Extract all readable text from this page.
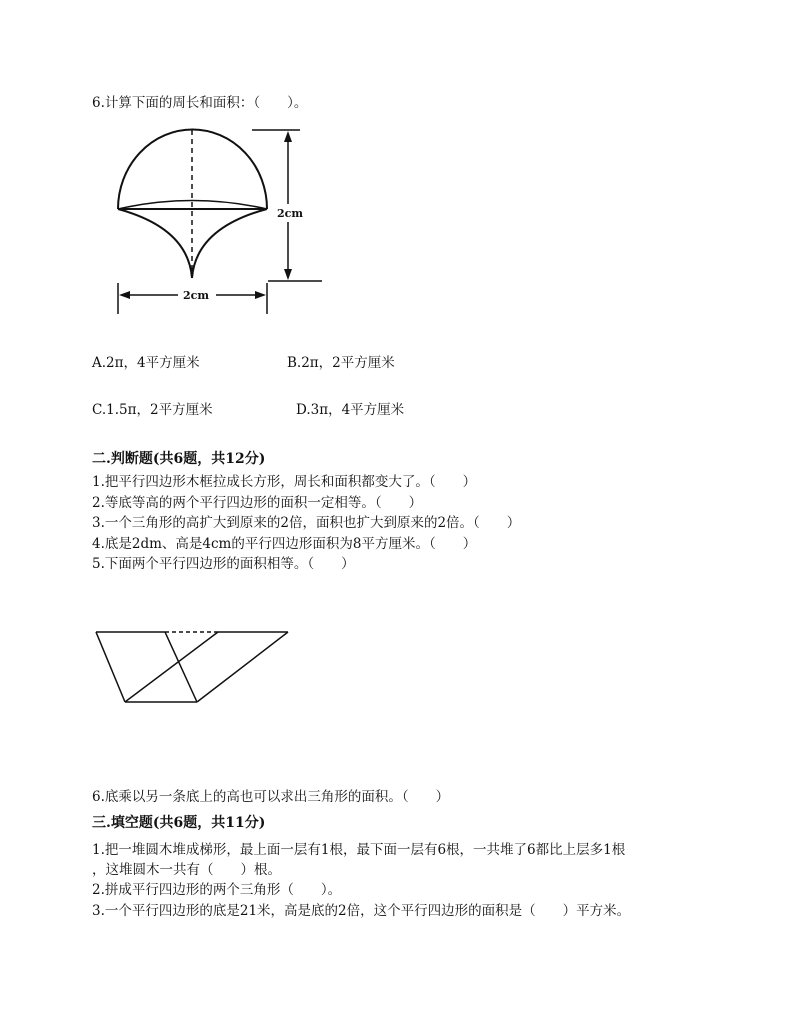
6.计算下面的周长和面积：（　　）。
2cm
2cm
A.2π，4平方厘米	B.2π，2平方厘米
C.1.5π，2平方厘米	D.3π，4平方厘米
二.判断题(共6题，共12分)
1.把平行四边形木框拉成长方形，周长和面积都变大了。（　　）
2.等底等高的两个平行四边形的面积一定相等。（　　）
3.一个三角形的高扩大到原来的2倍，面积也扩大到原来的2倍。（　　）
4.底是2dm、高是4cm的平行四边形面积为8平方厘米。（　　）
5.下面两个平行四边形的面积相等。（　　）
6.底乘以另一条底上的高也可以求出三角形的面积。（　　）
三.填空题(共6题，共11分)
1.把一堆圆木堆成梯形，最上面一层有1根，最下面一层有6根，一共堆了6都比上层多1根
，这堆圆木一共有（　　）根。
2.拼成平行四边形的两个三角形（　　）。
3.一个平行四边形的底是21米，高是底的2倍，这个平行四边形的面积是（　　）平方米。
